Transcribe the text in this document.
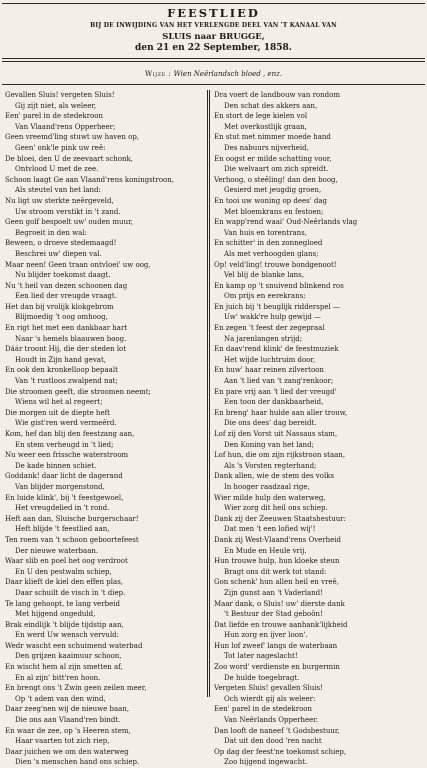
FEESTLIED
BIJ DE INWIJDING VAN HET VERLENGDE DEEL VAN 'T KANAAL VAN
SLUIS naar BRUGGE,
den 21 en 22 September, 1858.
Wijze : Wien Neêrlandsch bloed , enz.
Gevallen Sluis! vergeten Sluis!
Gij zijt niet, als weleer,
Een' parel in de stedekroon
Van Vlaand'rens Opperheer;
Geen vreemd'ling stuwt uw haven op,
Geen' onk'le pink uw reê:
De bloei, den U de zeevaart schonk,
Ontvlood U met de zee.
Schoon laagt Ge aan Vlaand'rens koningstroon,
Als steutel van het land:
Nu ligt uw sterkte neêrgeveld,
Uw stroom verstikt in 't zand.
Geen golf bespoelt uw' ouden muur,
Begroeit in den wal:
Beween, o droeve stedemaagd!
Beschrei uw' diepen val.
Maar neen! Geen traan ontvloei' uw oog,
Nu blijder toekomst daagt.
Nu 't heil van dezen schoonen dag
Een lied der vreugde vraagt.
Het dan bij vrolijk klokgebrom
Blijmoedig 't oog omhoog,
En rigt het met een dankbaar hart
Naar 's hemels blaauwen boog.
Dáár troont Hij, die der steden lot
Houdt in Zijn hand gevat,
En ook den kronkelloop bepaalt
Van 't rustloos zwalpend nat;
Die stroomen geeft, die stroomen neemt;
Wiens wil het al regeert;
Die morgen uit de diepte heft
Wie gist'ren werd vermeêrd.
Kom, hef dan blij den feestzang aan,
En stem verheugd in 't lied;
Nu weer een frissche waterstroom
De kade binnen schiet.
Goddank! daar licht de dagerand
Van blijder morgenstond,
En luide klink', bij 't feestgewoel,
Het vreugdelied in 't rond.
Heft aan dan, Sluische burgerschaar!
Heft blijde 't feestlied aan,
Ten roem van 't schoon geboortefeest
Der nieuwe waterbaan.
Waar slib en poel het oog verdroot
En U den pestwalm schiep,
Daar klieft de kiel den effen plas,
Daar schuilt de visch in 't diep.
Te lang gehoopt, te lang verbeid
Met hijgend ongeduld,
Brak eindlijk 't blijde tijdstip aan,
En werd Uw wensch vervuld:
Wedr wascht een schuimend waterbad
Den grijzen kaaimuur schoon,
En wischt hem al zijn smetten af,
En al zijn' bitt'ren hoon.
En brengt ons 't Zwin geen zeilen meer,
Op 't adem van den wind,
Daar zeeg'nen wij de nieuwe baan,
Die ons aan Vlaand'ren bindt.
En waar de zee, op 's Heeren stem,
Haar vaarten tot zich riep,
Daar juichen we om den waterweg
Dien 's menschen hand ons schiep.
Dra voert de landbouw van rondom
Den schat des akkers aan,
En stort de lege kielen vol
Met overkostlijk graan,
En stut met nimmer moede hand
Des nabuurs nijverheid,
En oogst er milde schatting voor,
Die welvaart om zich spreidt.
Verhoog, o steêling! dan den boog,
Gesierd met jeugdig groen,
En tooi uw woning op dees' dag
Met bloemkrans en festoen;
En wapp'rend waai' Oud-Neêrlands vlag
Van huis en torentrans,
En schitter' in den zonnegloed
Als met verhoogden glans;
Op! veld'ling! trouwe bondgenoot!
Vel blij de blanke lans,
En kamp op 't snuivend blinkend ros
Om prijs en eerekrans;
En juich bij 't beuglijk ridderspel —
Uw' wakk're hulp gewijd —
En zegen 't feest der zegepraal
Na jarenlangen strijd;
En daav'rend klink' de feestmuziek
Het wijde luchtruim door,
En huw' haar reinen zilvertoon
Aan 't lied van 't zang'renkoor;
En pare vrij aan 't lied der vreugd'
Een toon der dankbaarheid,
En breng' haar hulde aan aller trouw,
Die ons dees' dag bereidt.
Lof zij den Vorst uit Nassaus stam,
Den Koning van het land;
Lof hun, die om zijn rijkstroon staan,
Als 's Vorsten regterhand;
Dank allen, wie de stem des volks
In hooger raadzaal rige,
Wier milde hulp den waterweg,
Wier zorg dit heil ons schiep.
Dank zij der Zeeuwen Staatshestuur:
Dat men 't een lofied wij'!
Dank zij West-Vlaand'rens Overheid
En Mude en Heule vrij.
Hun trouwe hulp, hun kloeke steun
Bragt ons dit werk tot stand:
Gon schenk' hun allen heil en vreê,
Zijn gunst aan 't Vaderland!
Maar dank, o Sluis! uw' dierste dank
't Bestuur der Stad geboôn!
Dat liefde en trouwe aanhank'lijkheid
Hun zorg en ijver loon'.
Hun lof zweef' langs de waterbaan
Tot later nageslacht!
Zoo word' verdienste en burgermin
De hulde toegebragt.
Vergeten Sluis! gevallen Sluis!
Och wierdt gij als weleer:
Een' parel in de stedekroon
Van Neêrlands Opperheer.
Dan looft de naneef 't Godsbestuur,
Dat uit den dood 'ren nacht
Op dag der feest'ne toekomst schiep,
Zoo hijgend ingewacht.
